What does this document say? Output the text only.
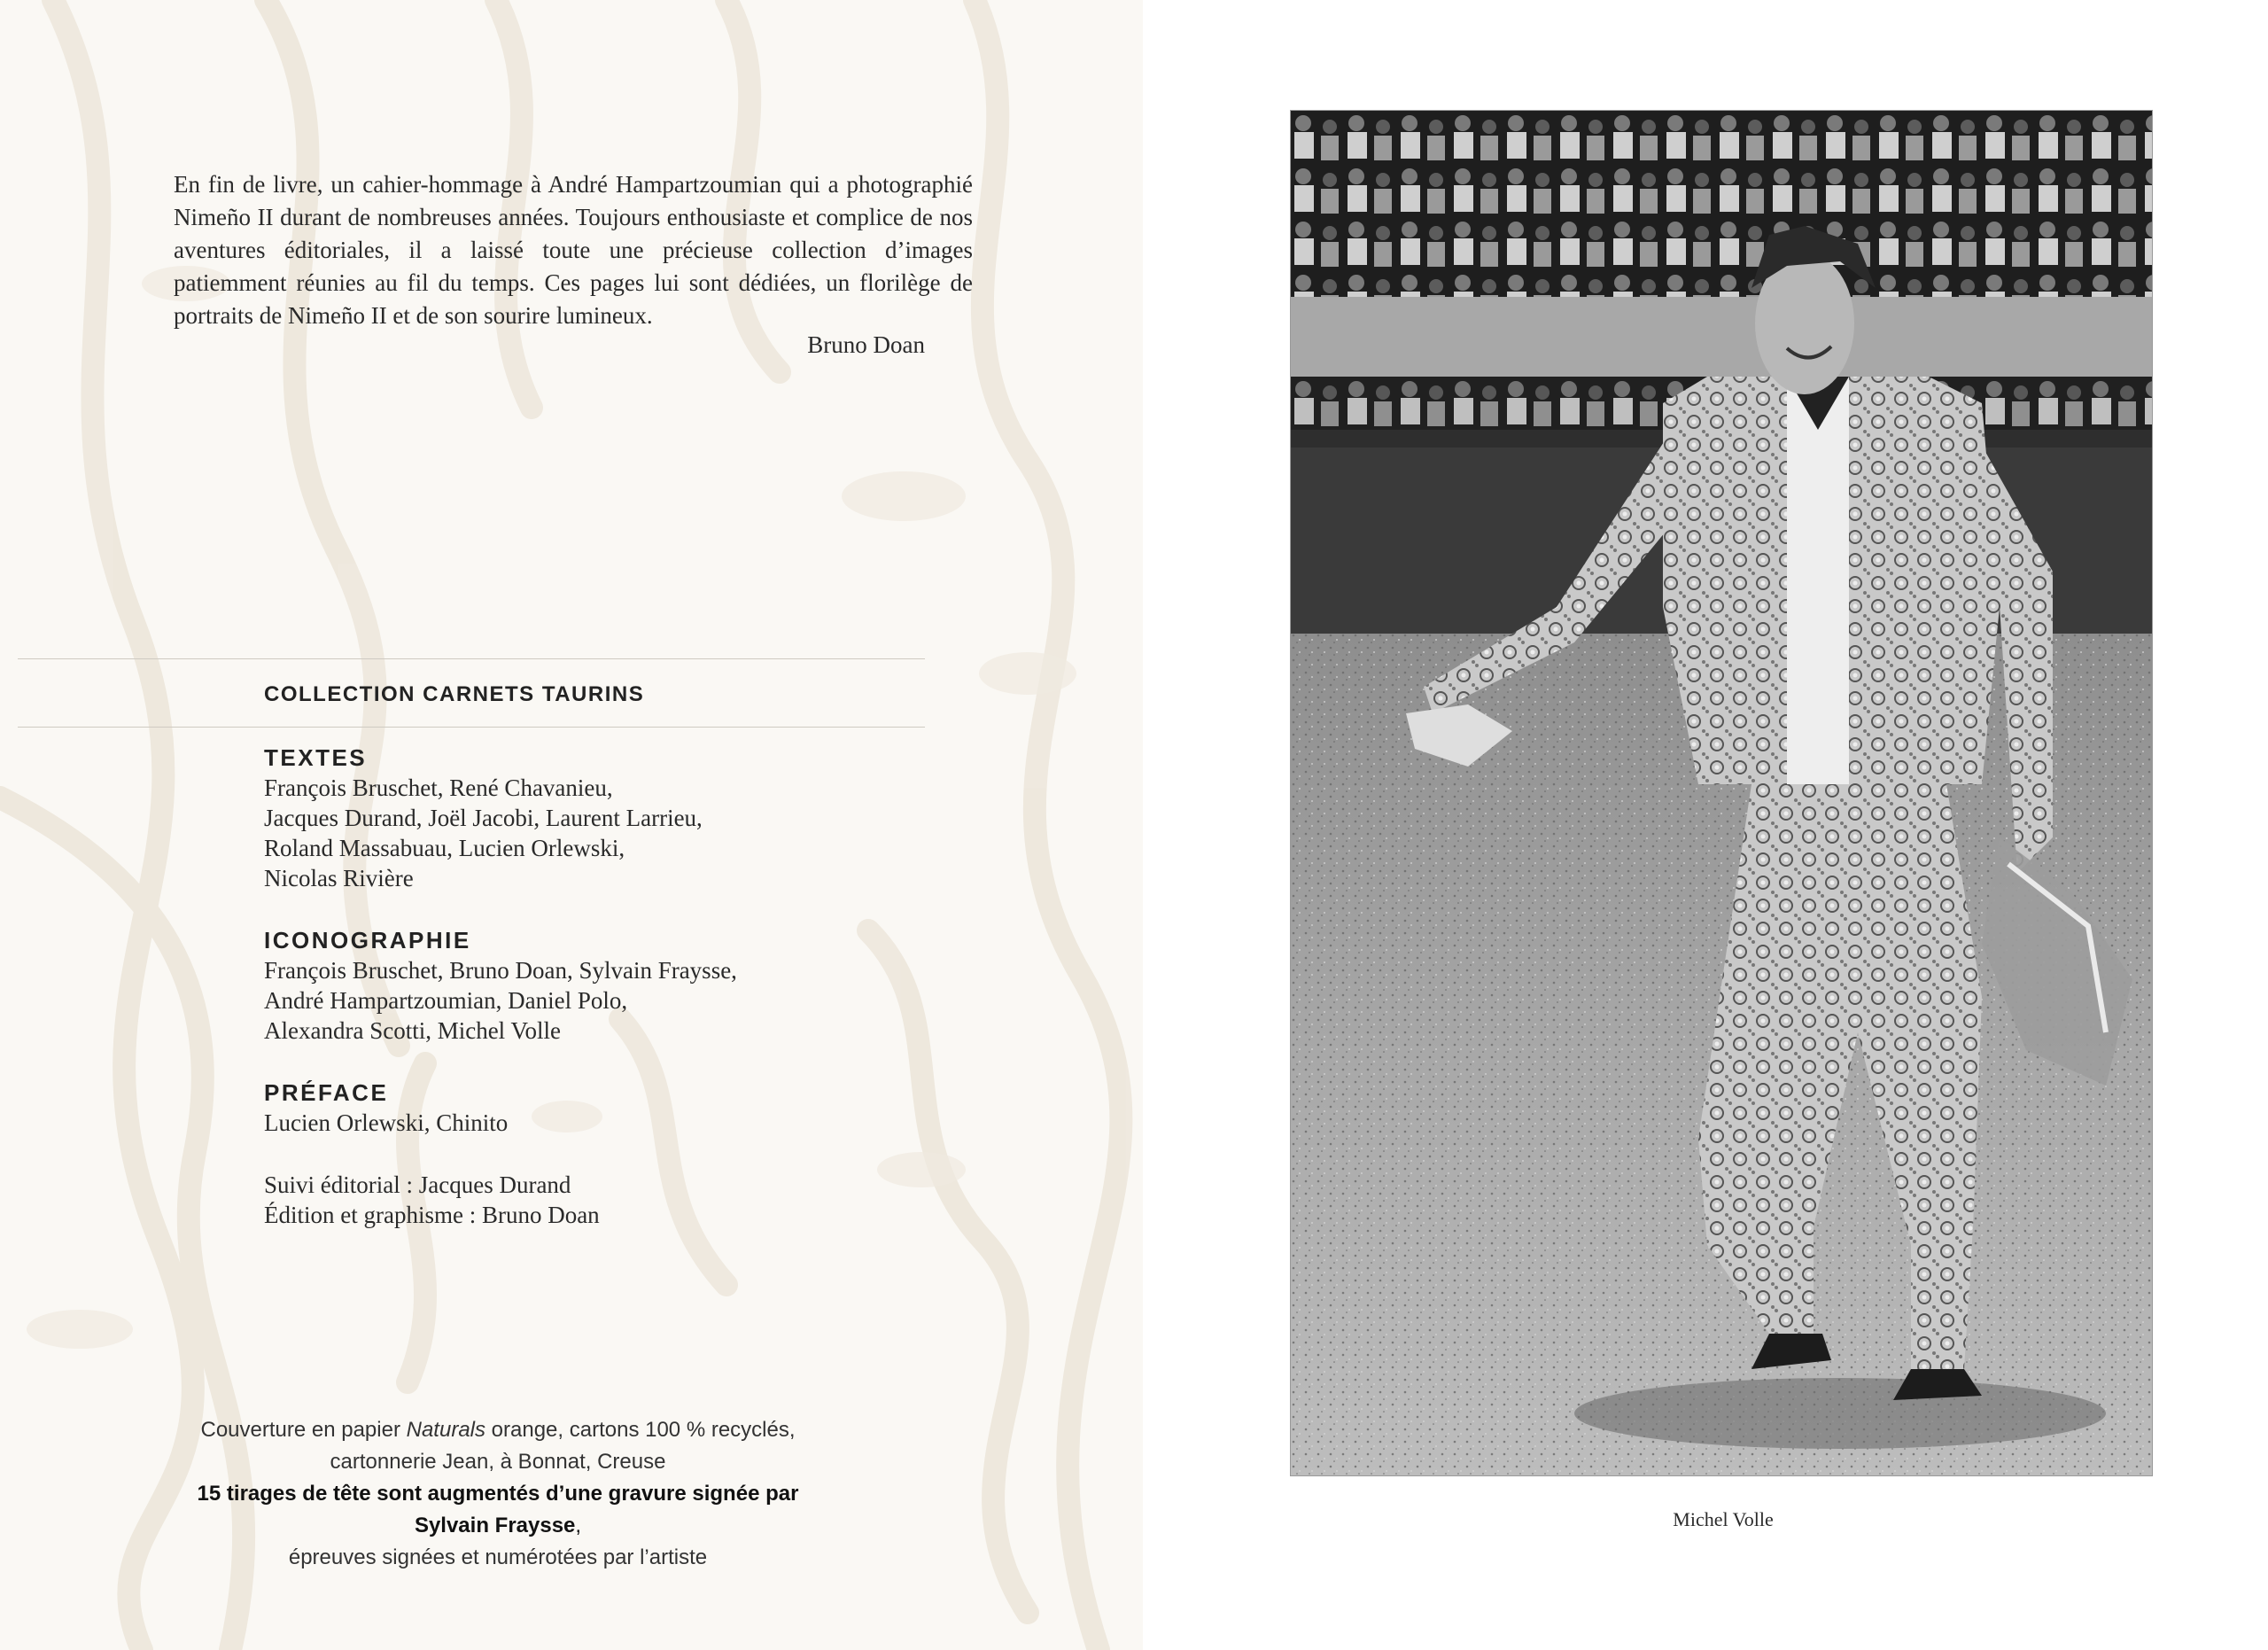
En fin de livre, un cahier-hommage à André Hampartzoumian qui a photographié Nimeño II durant de nombreuses années. Toujours enthousiaste et complice de nos aventures éditoriales, il a laissé toute une précieuse collection d’images patiemment réunies au fil du temps. Ces pages lui sont dédiées, un florilège de portraits de Nimeño II et de son sourire lumineux.
Bruno Doan
COLLECTION CARNETS TAURINS
TEXTES
François Bruschet, René Chavanieu,
Jacques Durand, Joël Jacobi, Laurent Larrieu,
Roland Massabuau, Lucien Orlewski,
Nicolas Rivière
ICONOGRAPHIE
François Bruschet, Bruno Doan, Sylvain Fraysse,
André Hampartzoumian, Daniel Polo,
Alexandra Scotti, Michel Volle
PRÉFACE
Lucien Orlewski, Chinito
Suivi éditorial : Jacques Durand
Édition et graphisme : Bruno Doan
Couverture en papier Naturals orange, cartons 100 % recyclés,
cartonnerie Jean, à Bonnat, Creuse
15 tirages de tête sont augmentés d’une gravure signée par Sylvain Fraysse,
épreuves signées et numérotées par l’artiste
Michel Volle
